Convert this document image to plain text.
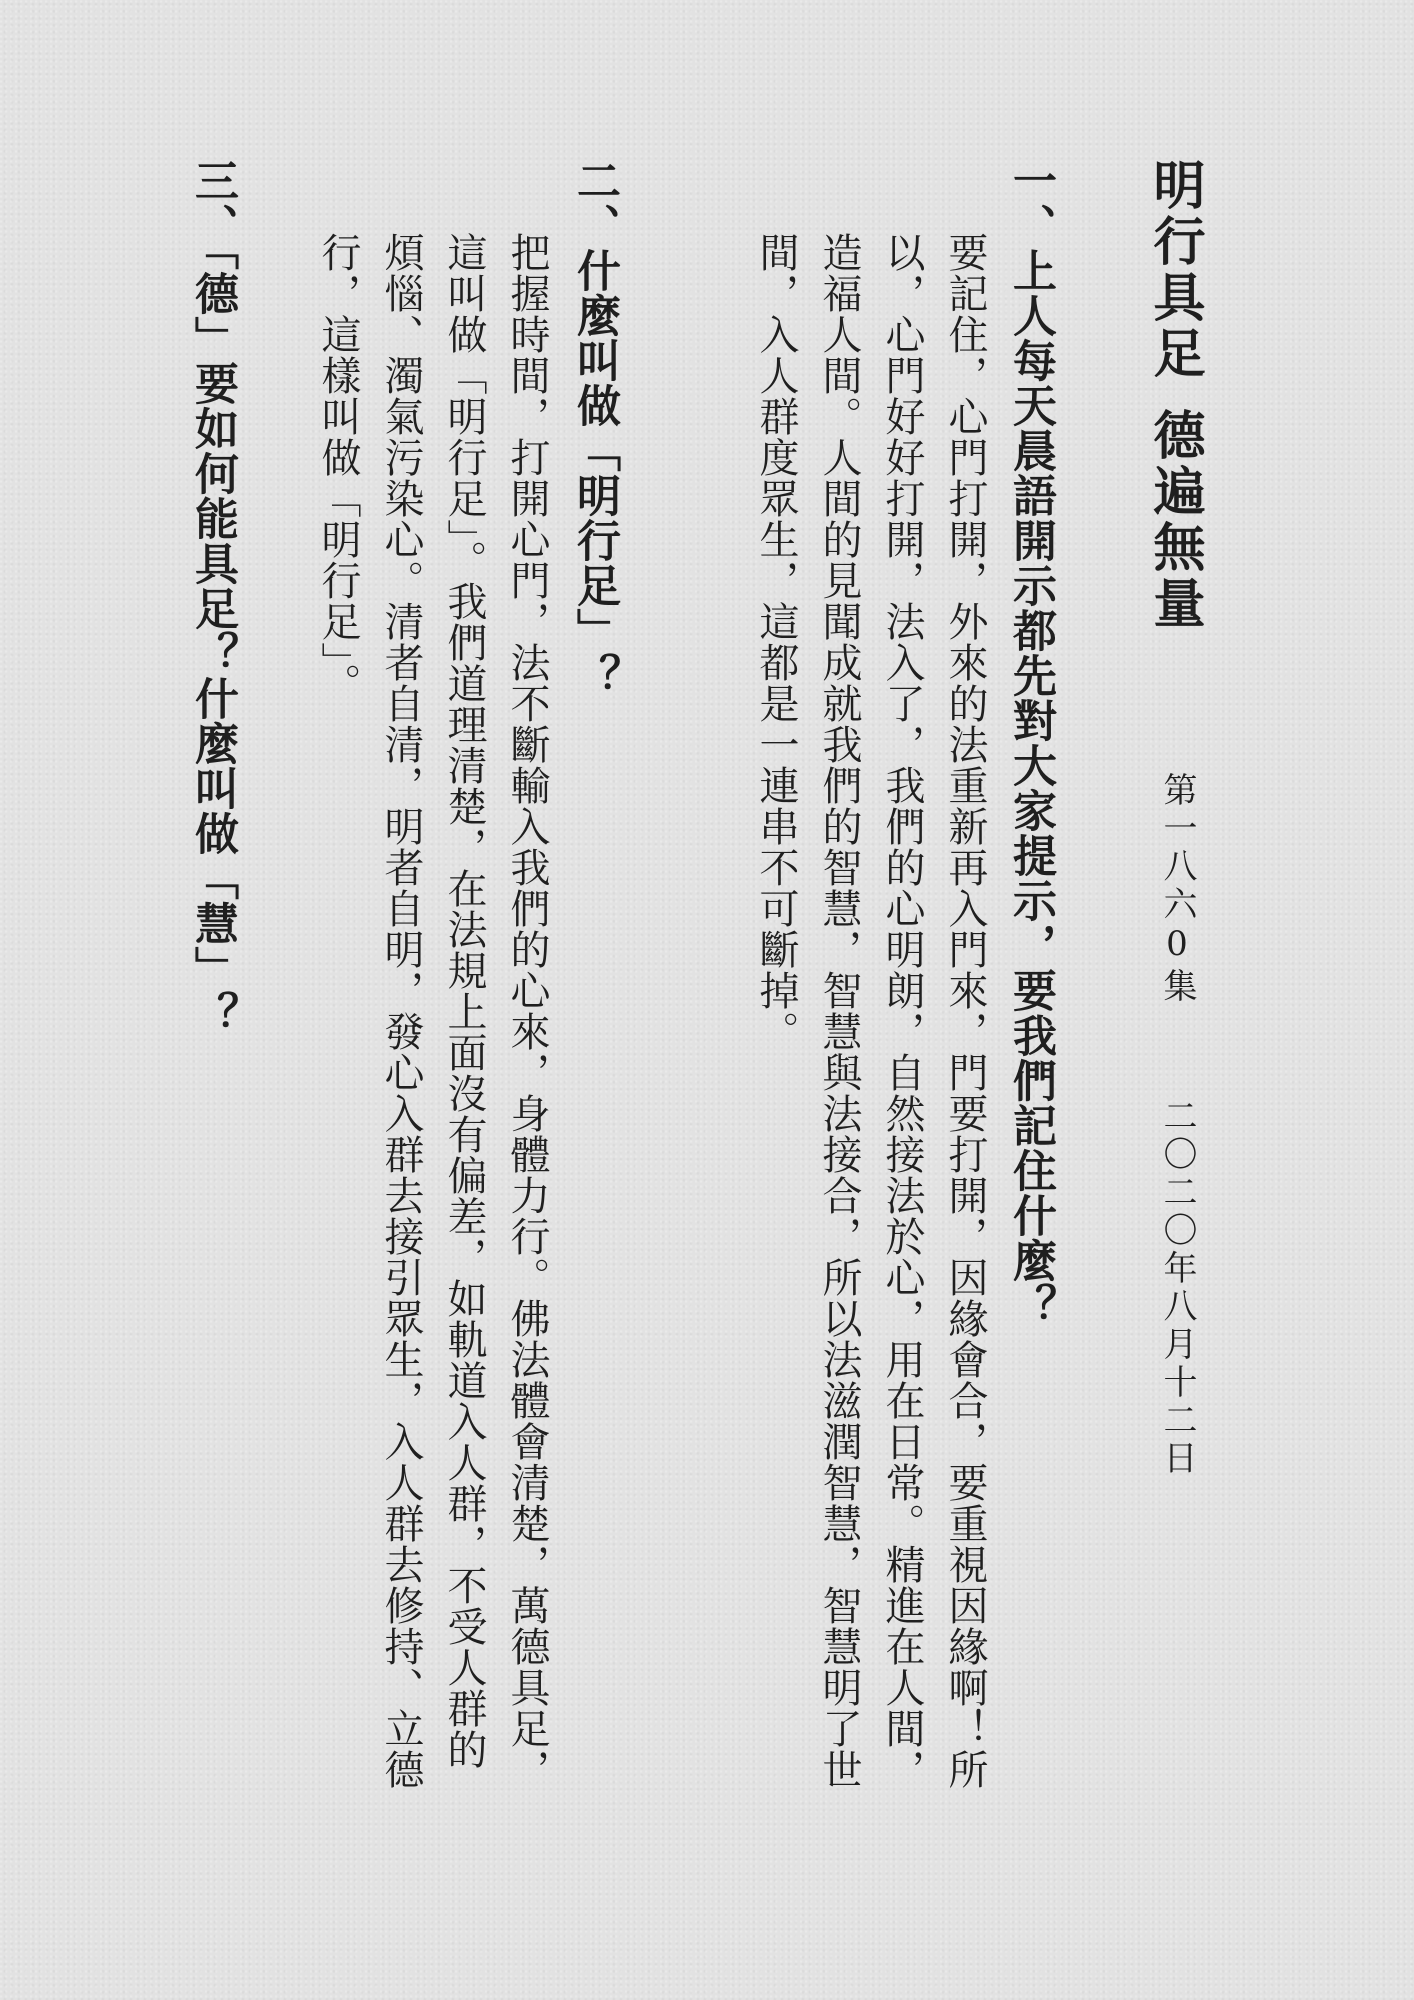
明行具足德遍無量
第一八六0集
二〇二〇年八月十二日
一、上人每天晨語開示都先對大家提示，要我們記住什麼？
要記住，心門打開，外來的法重新再入門來，門要打開，因緣會合，要重視因緣啊！所以，心門好好打開，法入了，我們的心明朗，自然接法於心，用在日常。精進在人間，造福人間。人間的見聞成就我們的智慧，智慧與法接合，所以法滋潤智慧，智慧明了世間，入人群度眾生，這都是一連串不可斷掉。
二、什麼叫做「明行足」？
把握時間，打開心門，法不斷輸入我們的心來，身體力行。佛法體會清楚，萬德具足，這叫做「明行足」。我們道理清楚，在法規上面沒有偏差，如軌道入人群，不受人群的煩惱、濁氣污染心。清者自清，明者自明，發心入群去接引眾生，入人群去修持、立德行，這樣叫做「明行足」。
三、「德」要如何能具足？什麼叫做「慧」？
